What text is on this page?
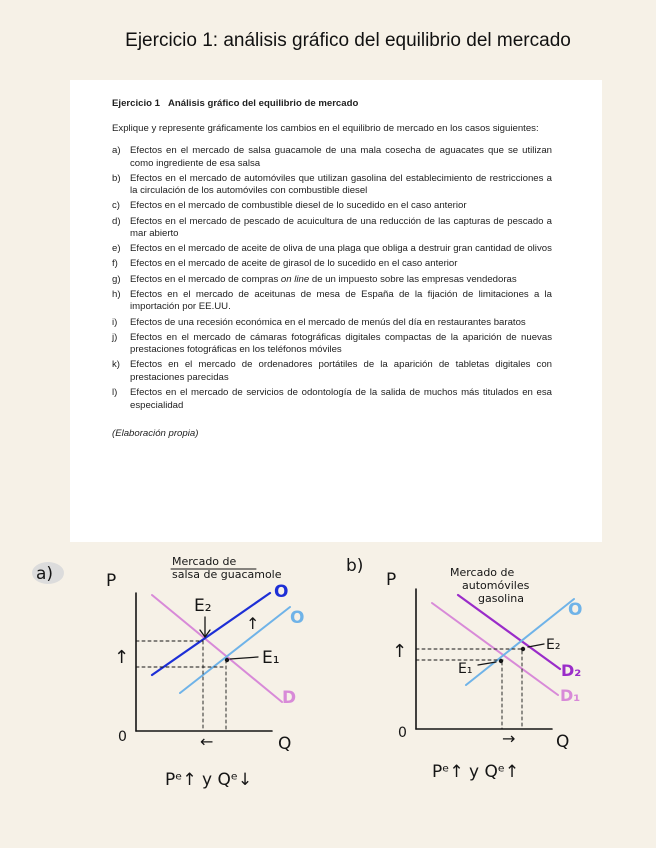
Ejercicio 1: análisis gráfico del equilibrio del mercado
Ejercicio 1 Análisis gráfico del equilibrio de mercado
Explique y represente gráficamente los cambios en el equilibrio de mercado en los casos siguientes:
a) Efectos en el mercado de salsa guacamole de una mala cosecha de aguacates que se utilizan como ingrediente de esa salsa
b) Efectos en el mercado de automóviles que utilizan gasolina del establecimiento de restricciones a la circulación de los automóviles con combustible diesel
c)	Efectos en el mercado de combustible diesel de lo sucedido en el caso anterior
d) Efectos en el mercado de pescado de acuicultura de una reducción de las capturas de pescado a mar abierto
e) Efectos en el mercado de aceite de oliva de una plaga que obliga a destruir gran cantidad de olivos
f)	Efectos en el mercado de aceite de girasol de lo sucedido en el caso anterior
g) Efectos en el mercado de compras on line de un impuesto sobre las empresas vendedoras
h) Efectos en el mercado de aceitunas de mesa de España de la fijación de limitaciones a la importación por EE.UU.
i)	Efectos de una recesión económica en el mercado de menús del día en restaurantes baratos
j)	Efectos en el mercado de cámaras fotográficas digitales compactas de la aparición de nuevas prestaciones fotográficas en los teléfonos móviles
k)	Efectos en el mercado de ordenadores portátiles de la aparición de tabletas digitales con prestaciones parecidas
l)	Efectos en el mercado de servicios de odontología de la salida de muchos más titulados en esa especialidad
(Elaboración propia)
a)	P
Mercado de
salsa de guacamole
0	Q
E₂
E₁
O
O
D
↑
↑
←
Pᵉ↑ y Qᵉ↓
b)
P	Mercado de
automóviles
gasolina
0	Q
E₁
E₂
O
D₂
D₁
↑
→
Pᵉ↑ y Qᵉ↑
